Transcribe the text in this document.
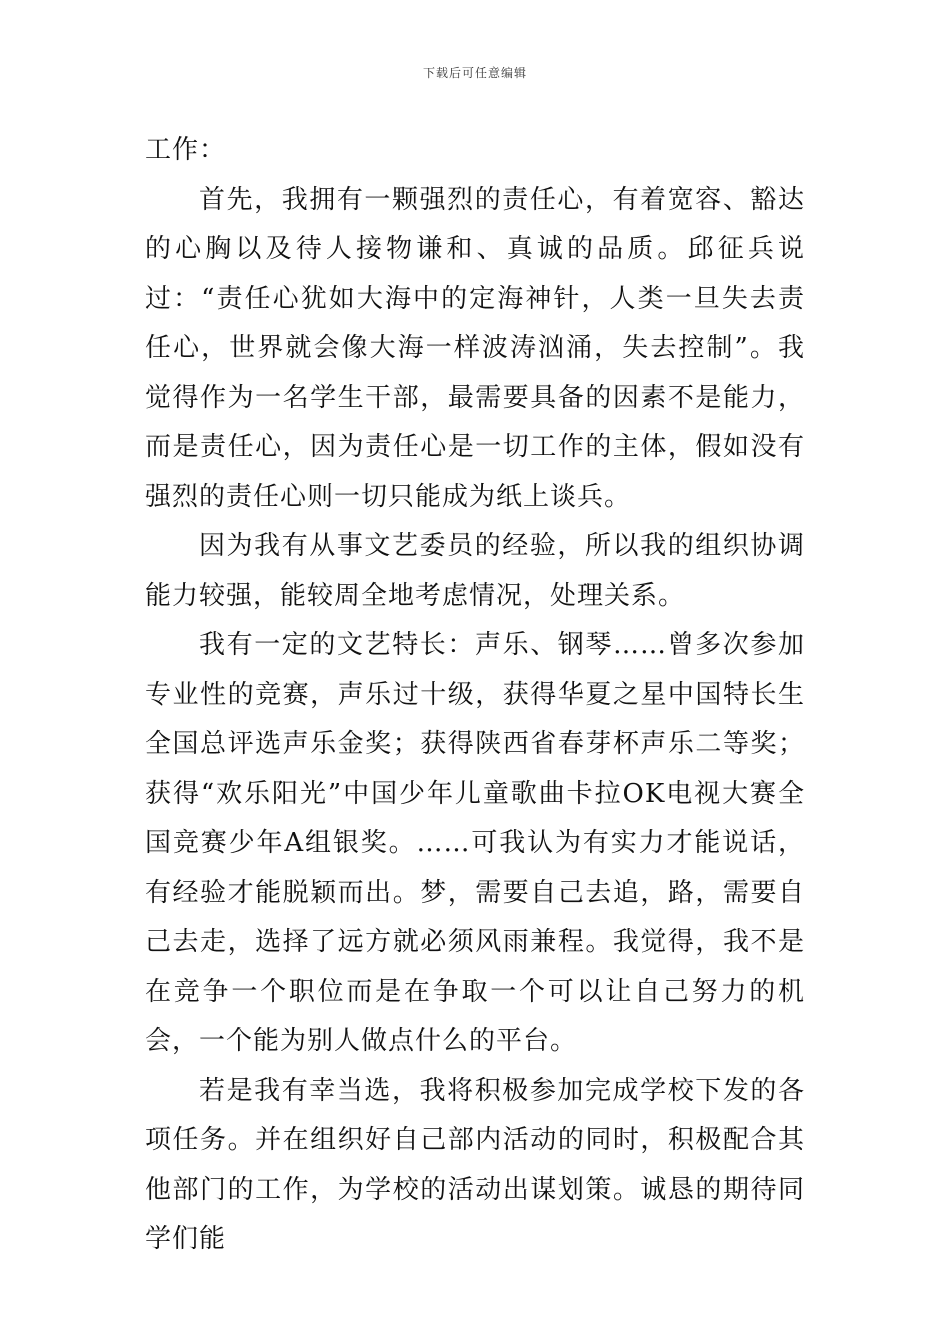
下载后可任意编辑

工作：

首先，我拥有一颗强烈的责任心，有着宽容、豁达的心胸以及待人接物谦和、真诚的品质。邱征兵说过：“责任心犹如大海中的定海神针，人类一旦失去责任心，世界就会像大海一样波涛汹涌，失去控制”。我觉得作为一名学生干部，最需要具备的因素不是能力，而是责任心，因为责任心是一切工作的主体，假如没有强烈的责任心则一切只能成为纸上谈兵。

因为我有从事文艺委员的经验，所以我的组织协调能力较强，能较周全地考虑情况，处理关系。

我有一定的文艺特长：声乐、钢琴……曾多次参加专业性的竞赛，声乐过十级，获得华夏之星中国特长生全国总评选声乐金奖；获得陕西省春芽杯声乐二等奖；获得“欢乐阳光”中国少年儿童歌曲卡拉OK电视大赛全国竞赛少年A组银奖。……可我认为有实力才能说话，有经验才能脱颖而出。梦，需要自己去追，路，需要自己去走，选择了远方就必须风雨兼程。我觉得，我不是在竞争一个职位而是在争取一个可以让自己努力的机会，一个能为别人做点什么的平台。

若是我有幸当选，我将积极参加完成学校下发的各项任务。并在组织好自己部内活动的同时，积极配合其他部门的工作，为学校的活动出谋划策。诚恳的期待同学们能
